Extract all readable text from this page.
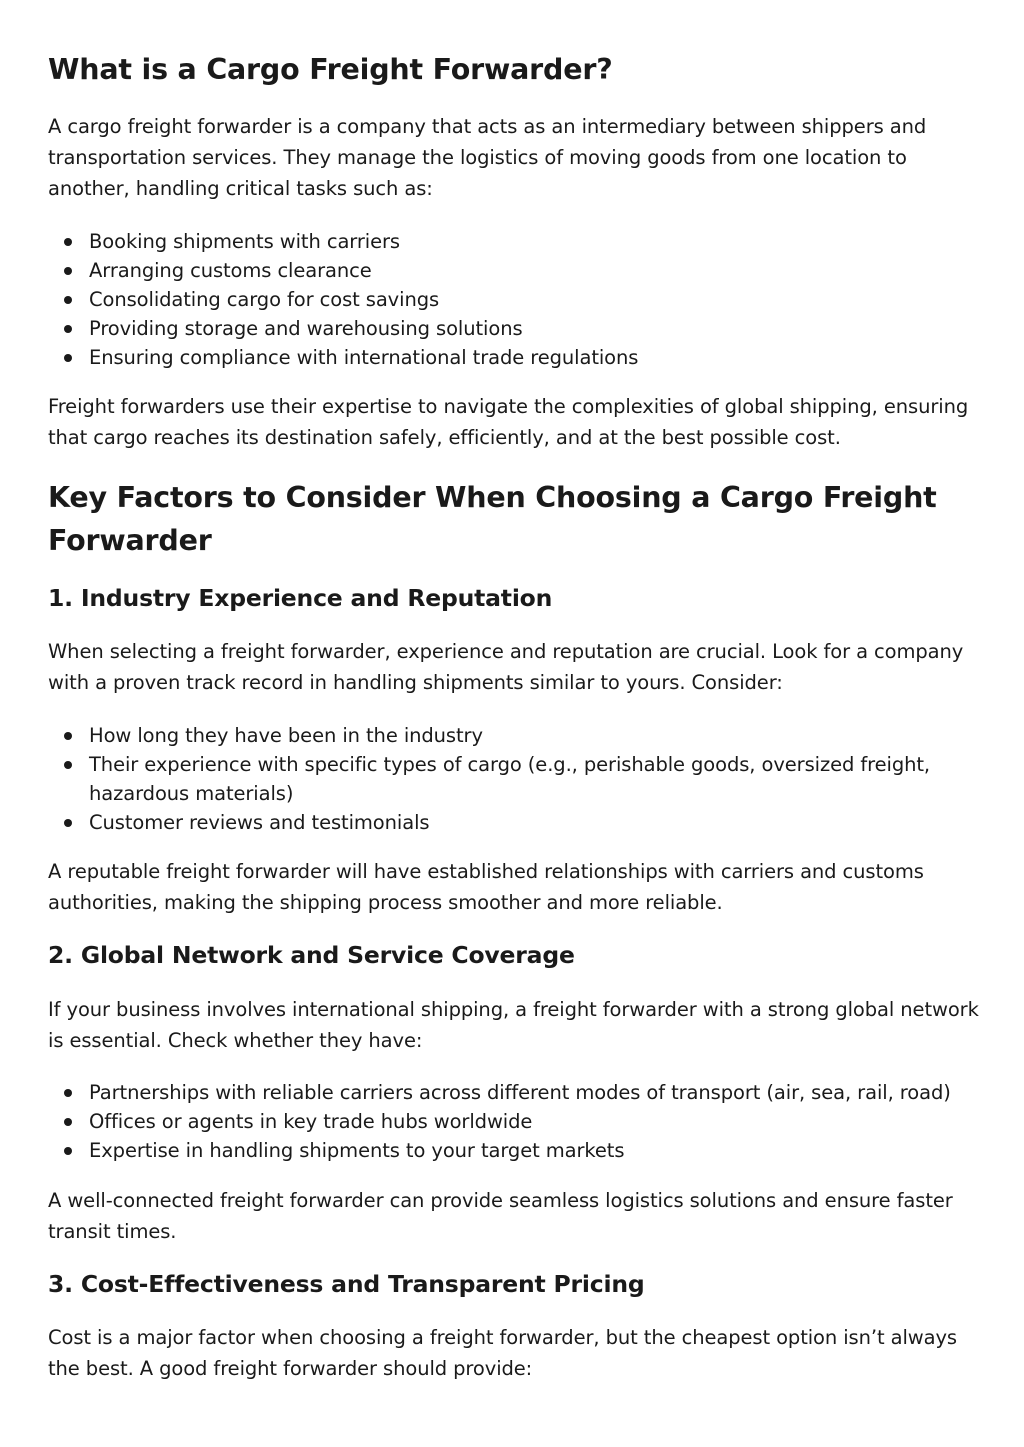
What is a Cargo Freight Forwarder?

A cargo freight forwarder is a company that acts as an intermediary between shippers and transportation services. They manage the logistics of moving goods from one location to another, handling critical tasks such as:

Booking shipments with carriers
Arranging customs clearance
Consolidating cargo for cost savings
Providing storage and warehousing solutions
Ensuring compliance with international trade regulations

Freight forwarders use their expertise to navigate the complexities of global shipping, ensuring that cargo reaches its destination safely, efficiently, and at the best possible cost.

Key Factors to Consider When Choosing a Cargo Freight Forwarder
1. Industry Experience and Reputation

When selecting a freight forwarder, experience and reputation are crucial. Look for a company with a proven track record in handling shipments similar to yours. Consider:

How long they have been in the industry
Their experience with specific types of cargo (e.g., perishable goods, oversized freight, hazardous materials)
Customer reviews and testimonials

A reputable freight forwarder will have established relationships with carriers and customs authorities, making the shipping process smoother and more reliable.

2. Global Network and Service Coverage

If your business involves international shipping, a freight forwarder with a strong global network is essential. Check whether they have:

Partnerships with reliable carriers across different modes of transport (air, sea, rail, road)
Offices or agents in key trade hubs worldwide
Expertise in handling shipments to your target markets

A well-connected freight forwarder can provide seamless logistics solutions and ensure faster transit times.

3. Cost-Effectiveness and Transparent Pricing

Cost is a major factor when choosing a freight forwarder, but the cheapest option isn’t always the best. A good freight forwarder should provide:
